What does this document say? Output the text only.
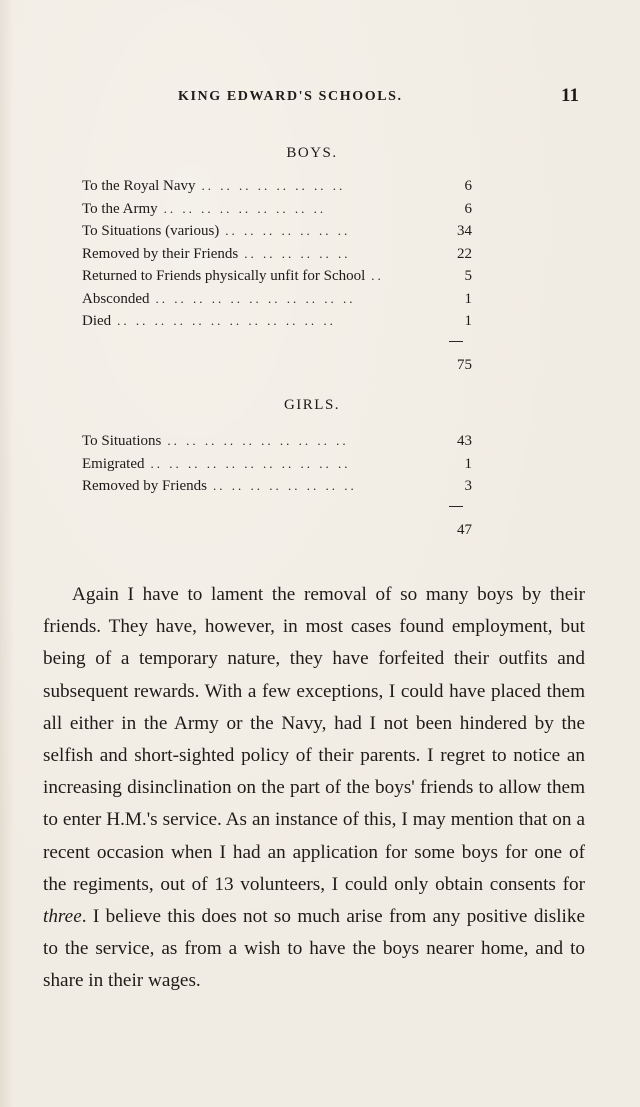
KING EDWARD'S SCHOOLS.	11
BOYS.
To the Royal Navy .. .. .. .. .. .. .. ..	6
To the Army .. .. .. .. .. .. .. .. ..	6
To Situations (various) .. .. .. .. .. .. ..	34
Removed by their Friends .. .. .. .. .. ..	22
Returned to Friends physically unfit for School ..	5
Absconded .. .. .. .. .. .. .. .. .. .. ..	1
Died .. .. .. .. .. .. .. .. .. .. .. ..	1
75
GIRLS.
To Situations .. .. .. .. .. .. .. .. .. ..	43
Emigrated .. .. .. .. .. .. .. .. .. .. ..	1
Removed by Friends .. .. .. .. .. .. .. ..	3
47

Again I have to lament the removal of so many boys by their friends. They have, however, in most cases found employment, but being of a temporary nature, they have forfeited their outfits and subsequent rewards. With a few exceptions, I could have placed them all either in the Army or the Navy, had I not been hindered by the selfish and short-sighted policy of their parents. I regret to notice an increasing disinclination on the part of the boys' friends to allow them to enter H.M.'s service. As an instance of this, I may mention that on a recent occasion when I had an application for some boys for one of the regiments, out of 13 volunteers, I could only obtain consents for three. I believe this does not so much arise from any positive dislike to the service, as from a wish to have the boys nearer home, and to share in their wages.
